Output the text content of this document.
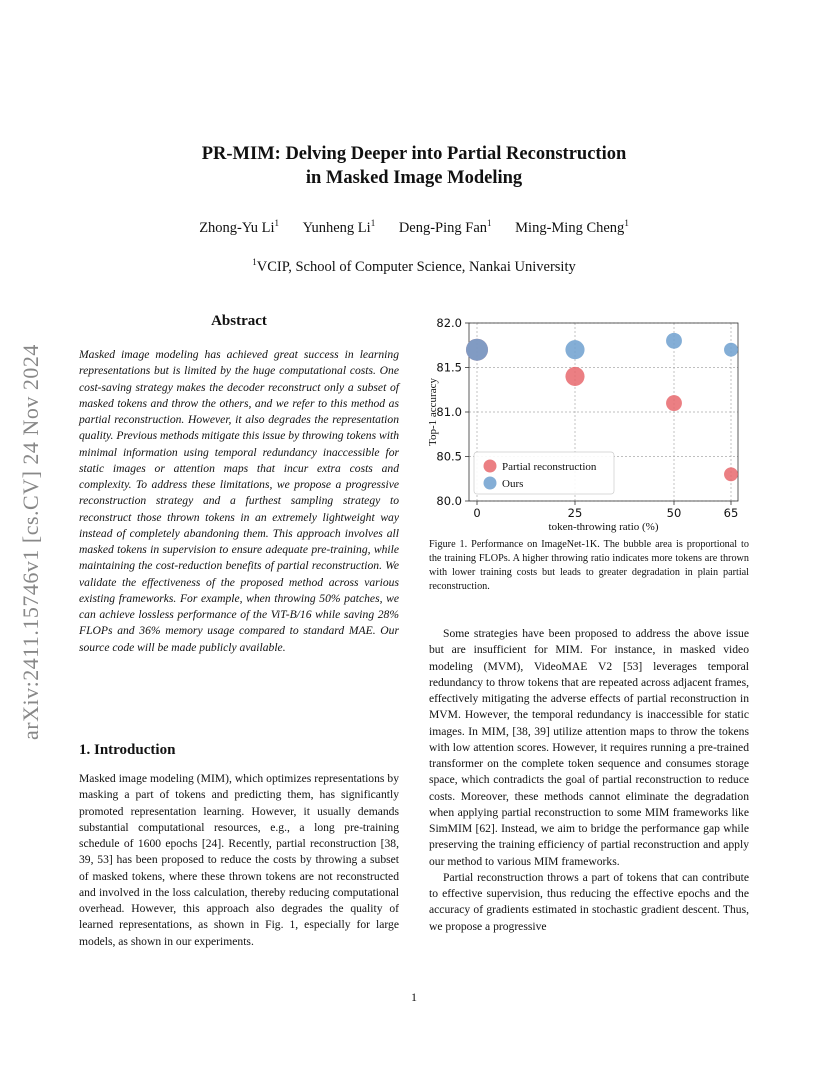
arXiv:2411.15746v1 [cs.CV] 24 Nov 2024
PR-MIM: Delving Deeper into Partial Reconstruction
in Masked Image Modeling
Zhong-Yu Li$^1$ Yunheng Li$^1$ Deng-Ping Fan$^1$ Ming-Ming Cheng$^1$
$^1$VCIP, School of Computer Science, Nankai University
Abstract
Masked image modeling has achieved great success in learning representations but is limited by the huge computational costs. One cost-saving strategy makes the decoder reconstruct only a subset of masked tokens and throw the others, and we refer to this method as partial reconstruction. However, it also degrades the representation quality. Previous methods mitigate this issue by throwing tokens with minimal information using temporal redundancy inaccessible for static images or attention maps that incur extra costs and complexity. To address these limitations, we propose a progressive reconstruction strategy and a furthest sampling strategy to reconstruct those thrown tokens in an extremely lightweight way instead of completely abandoning them. This approach involves all masked tokens in supervision to ensure adequate pre-training, while maintaining the cost-reduction benefits of partial reconstruction. We validate the effectiveness of the proposed method across various existing frameworks. For example, when throwing 50% patches, we can achieve lossless performance of the ViT-B/16 while saving 28% FLOPs and 36% memory usage compared to standard MAE. Our source code will be made publicly available.
1. Introduction
Masked image modeling (MIM), which optimizes representations by masking a part of tokens and predicting them, has significantly promoted representation learning. However, it usually demands substantial computational resources, e.g., a long pre-training schedule of 1600 epochs [24]. Recently, partial reconstruction [38, 39, 53] has been proposed to reduce the costs by throwing a subset of masked tokens, where these thrown tokens are not reconstructed and involved in the loss calculation, thereby reducing computational overhead. However, this approach also degrades the quality of learned representations, as shown in Fig. 1, especially for large models, as shown in our experiments.
80.0
80.5
81.0
81.5
82.0
0	25	50	65
token-throwing ratio (%)
Top-1 accuracy
Partial reconstruction
Ours
Figure 1. Performance on ImageNet-1K. The bubble area is proportional to the training FLOPs. A higher throwing ratio indicates more tokens are thrown with lower training costs but leads to greater degradation in plain partial reconstruction.

Some strategies have been proposed to address the above issue but are insufficient for MIM. For instance, in masked video modeling (MVM), VideoMAE V2 [53] leverages temporal redundancy to throw tokens that are repeated across adjacent frames, effectively mitigating the adverse effects of partial reconstruction in MVM. However, the temporal redundancy is inaccessible for static images. In MIM, [38, 39] utilize attention maps to throw the tokens with low attention scores. However, it requires running a pre-trained transformer on the complete token sequence and consumes storage space, which contradicts the goal of partial reconstruction to reduce costs. Moreover, these methods cannot eliminate the degradation when applying partial reconstruction to some MIM frameworks like SimMIM [62]. Instead, we aim to bridge the performance gap while preserving the training efficiency of partial reconstruction and apply our method to various MIM frameworks.

Partial reconstruction throws a part of tokens that can contribute to effective supervision, thus reducing the effective epochs and the accuracy of gradients estimated in stochastic gradient descent. Thus, we propose a progressive

1
